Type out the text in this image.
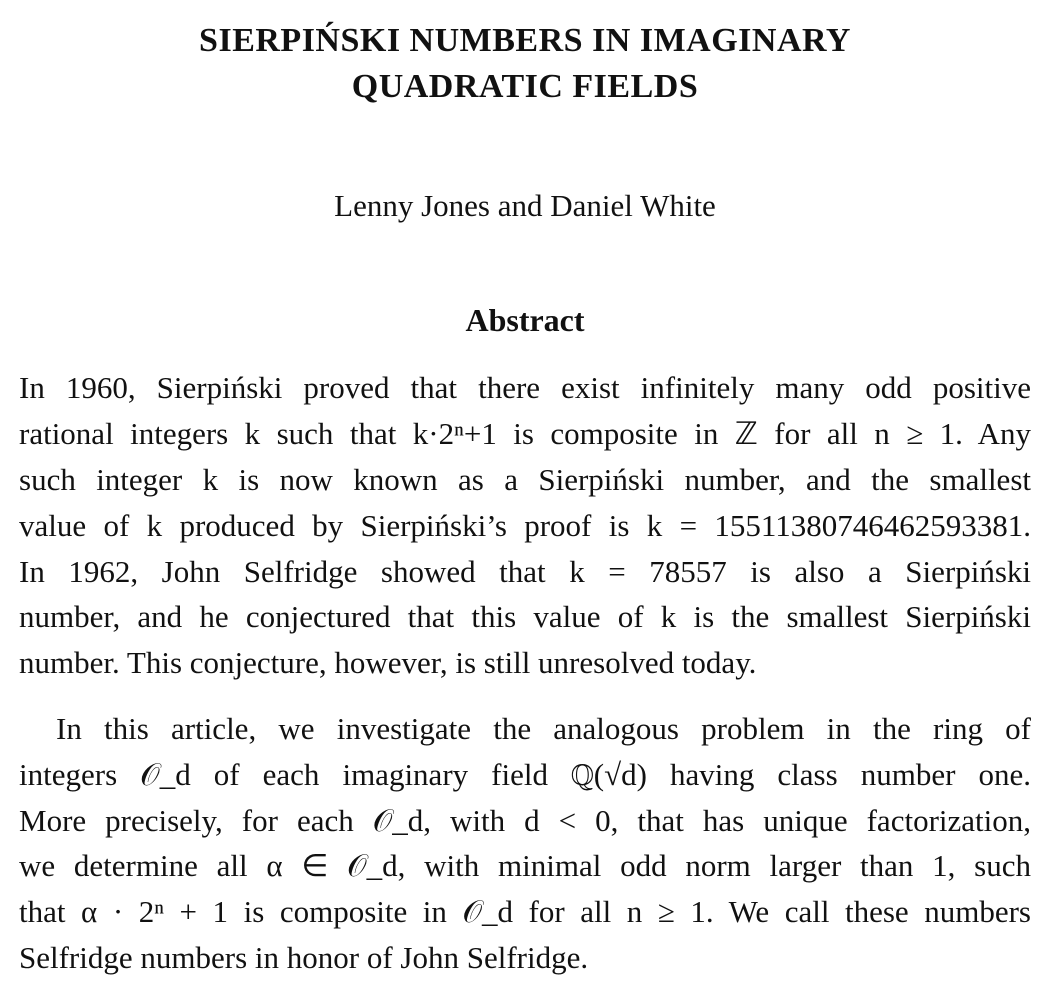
SIERPIŃSKI NUMBERS IN IMAGINARY
QUADRATIC FIELDS
Lenny Jones and Daniel White
Abstract
In 1960, Sierpiński proved that there exist infinitely many odd positive
rational integers k such that k·2ⁿ+1 is composite in ℤ for all n ≥ 1. Any
such integer k is now known as a Sierpiński number, and the smallest
value of k produced by Sierpiński’s proof is k = 15511380746462593381.
In 1962, John Selfridge showed that k = 78557 is also a Sierpiński
number, and he conjectured that this value of k is the smallest Sierpiński
number. This conjecture, however, is still unresolved today.
In this article, we investigate the analogous problem in the ring of
integers 𝒪_d of each imaginary field ℚ(√d) having class number one.
More precisely, for each 𝒪_d, with d < 0, that has unique factorization,
we determine all α ∈ 𝒪_d, with minimal odd norm larger than 1, such
that α · 2ⁿ + 1 is composite in 𝒪_d for all n ≥ 1. We call these numbers
Selfridge numbers in honor of John Selfridge.
